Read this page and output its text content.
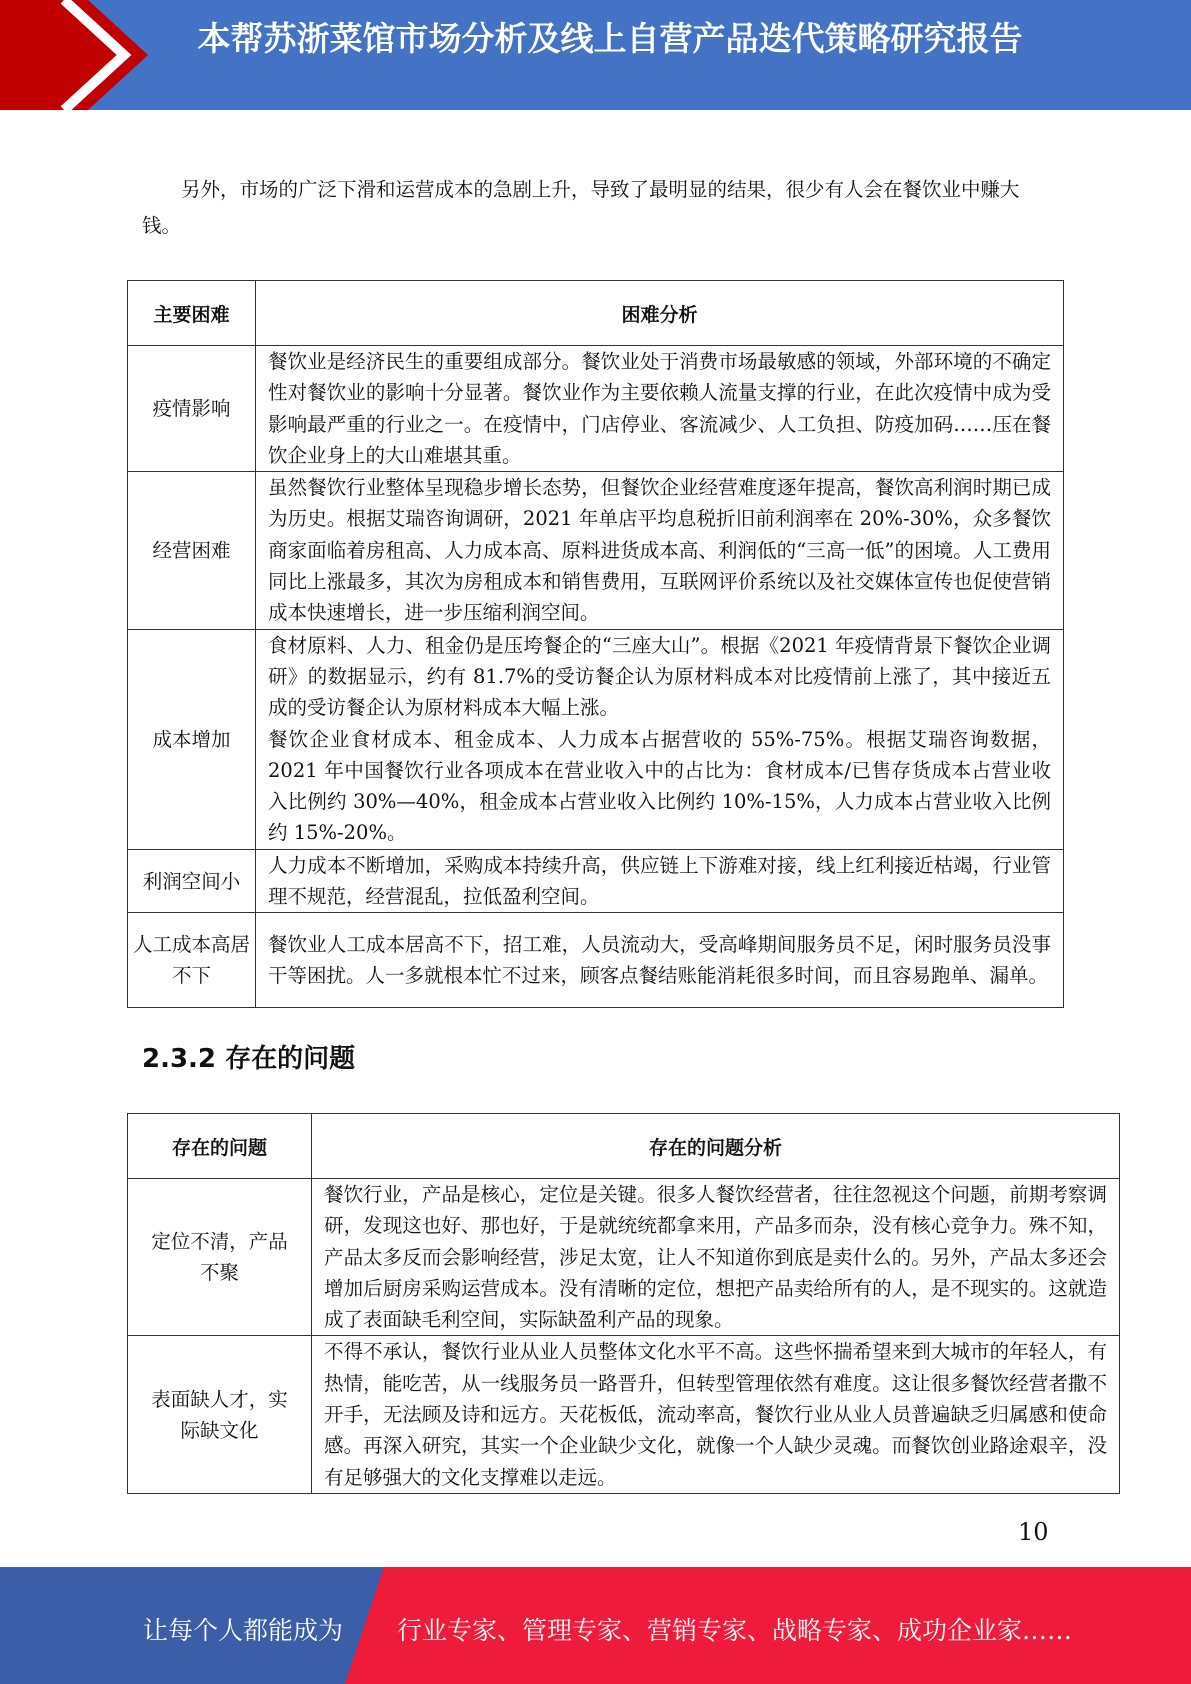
本帮苏浙菜馆市场分析及线上自营产品迭代策略研究报告
另外，市场的广泛下滑和运营成本的急剧上升，导致了最明显的结果，很少有人会在餐饮业中赚大钱。
主要困难	困难分析
疫情影响	餐饮业是经济民生的重要组成部分。餐饮业处于消费市场最敏感的领域，外部环境的不确定性对餐饮业的影响十分显著。餐饮业作为主要依赖人流量支撑的行业，在此次疫情中成为受影响最严重的行业之一。在疫情中，门店停业、客流减少、人工负担、防疫加码……压在餐饮企业身上的大山难堪其重。
经营困难	虽然餐饮行业整体呈现稳步增长态势，但餐饮企业经营难度逐年提高，餐饮高利润时期已成为历史。根据艾瑞咨询调研，2021 年单店平均息税折旧前利润率在 20%-30%，众多餐饮商家面临着房租高、人力成本高、原料进货成本高、利润低的“三高一低”的困境。人工费用同比上涨最多，其次为房租成本和销售费用，互联网评价系统以及社交媒体宣传也促使营销成本快速增长，进一步压缩利润空间。
成本增加	食材原料、人力、租金仍是压垮餐企的“三座大山”。根据《2021 年疫情背景下餐饮企业调研》的数据显示，约有 81.7%的受访餐企认为原材料成本对比疫情前上涨了，其中接近五成的受访餐企认为原材料成本大幅上涨。
餐饮企业食材成本、租金成本、人力成本占据营收的 55%-75%。根据艾瑞咨询数据，2021 年中国餐饮行业各项成本在营业收入中的占比为：食材成本/已售存货成本占营业收入比例约 30%—40%，租金成本占营业收入比例约 10%-15%，人力成本占营业收入比例约 15%-20%。

利润空间小	人力成本不断增加，采购成本持续升高，供应链上下游难对接，线上红利接近枯竭，行业管理不规范，经营混乱，拉低盈利空间。
人工成本高居不下	餐饮业人工成本居高不下，招工难，人员流动大，受高峰期间服务员不足，闲时服务员没事干等困扰。人一多就根本忙不过来，顾客点餐结账能消耗很多时间，而且容易跑单、漏单。
2.3.2 存在的问题
存在的问题	存在的问题分析
定位不清，产品不聚	餐饮行业，产品是核心，定位是关键。很多人餐饮经营者，往往忽视这个问题，前期考察调研，发现这也好、那也好，于是就统统都拿来用，产品多而杂，没有核心竞争力。殊不知，产品太多反而会影响经营，涉足太宽，让人不知道你到底是卖什么的。另外，产品太多还会增加后厨房采购运营成本。没有清晰的定位，想把产品卖给所有的人，是不现实的。这就造成了表面缺毛利空间，实际缺盈利产品的现象。
表面缺人才，实际缺文化	不得不承认，餐饮行业从业人员整体文化水平不高。这些怀揣希望来到大城市的年轻人，有热情，能吃苦，从一线服务员一路晋升，但转型管理依然有难度。这让很多餐饮经营者撒不开手，无法顾及诗和远方。天花板低，流动率高，餐饮行业从业人员普遍缺乏归属感和使命感。再深入研究，其实一个企业缺少文化，就像一个人缺少灵魂。而餐饮创业路途艰辛，没有足够强大的文化支撑难以走远。
10
让每个人都能成为 行业专家、管理专家、营销专家、战略专家、成功企业家……
